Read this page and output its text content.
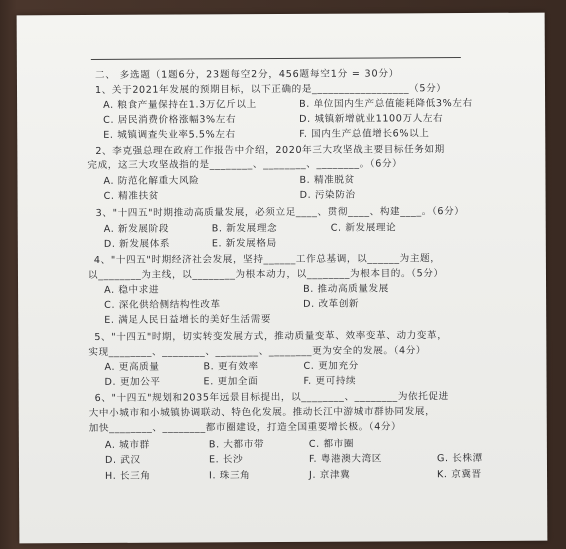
二、 多选题（1题6分，23题每空2分，456题每空1分 = 30分）
1、关于2021年发展的预期目标，以下正确的是__________________（5分）
A. 粮食产量保持在1.3万亿斤以上	B. 单位国内生产总值能耗降低3%左右
C. 居民消费价格涨幅3%左右	D. 城镇新增就业1100万人左右
E. 城镇调查失业率5.5%左右	F. 国内生产总值增长6%以上
2、李克强总理在政府工作报告中介绍，2020年三大攻坚战主要目标任务如期
完成，这三大攻坚战指的是________、________、________。（6分）
A. 防范化解重大风险	B. 精准脱贫
C. 精准扶贫	D. 污染防治
3、"十四五"时期推动高质量发展，必须立足____、贯彻____、构建____。（6分）
A. 新发展阶段	B. 新发展理念	C. 新发展理论
D. 新发展体系	E. 新发展格局
4、"十四五"时期经济社会发展，坚持______工作总基调，以______为主题，
以________为主线，以________为根本动力，以________为根本目的。（5分）
A. 稳中求进	B. 推动高质量发展
C. 深化供给侧结构性改革	D. 改革创新
E. 满足人民日益增长的美好生活需要
5、"十四五"时期，切实转变发展方式，推动质量变革、效率变革、动力变革，
实现________、________、________、________更为安全的发展。（4分）
A. 更高质量	B. 更有效率	C. 更加充分
D. 更加公平	E. 更加全面	F. 更可持续
6、"十四五"规划和2035年远景目标提出，以________、________为依托促进
大中小城市和小城镇协调联动、特色化发展。推动长江中游城市群协同发展，
加快________、________都市圈建设，打造全国重要增长极。（4分）
A. 城市群	B. 大都市带	C. 都市圈
D. 武汉	E. 长沙	F. 粤港澳大湾区	G. 长株潭
H. 长三角	I. 珠三角	J. 京津冀	K. 京冀晋
